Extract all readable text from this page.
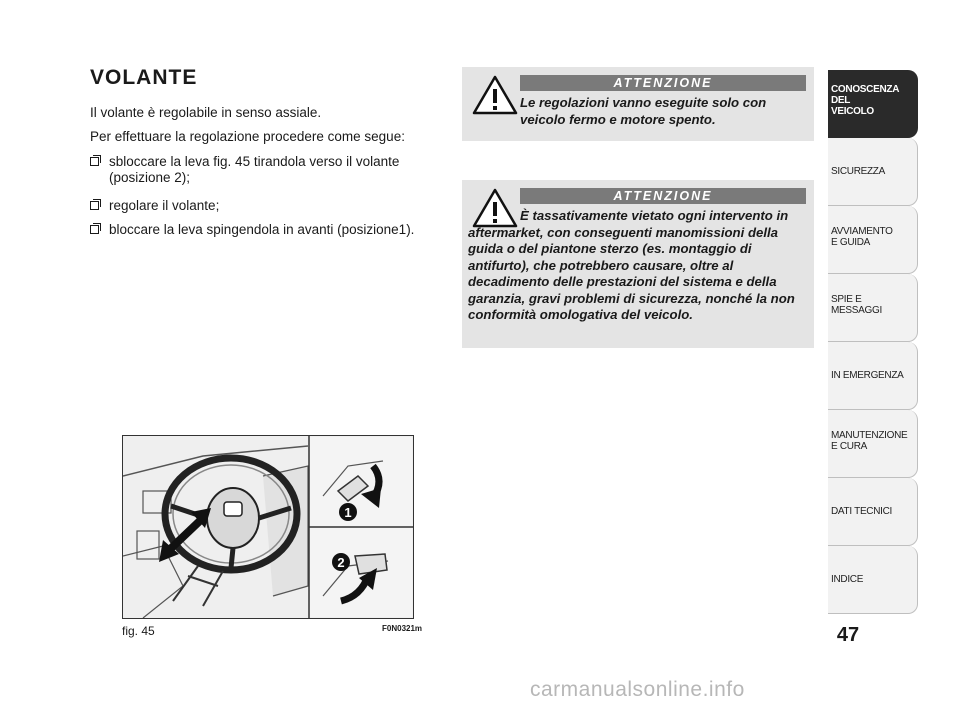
VOLANTE

Il volante è regolabile in senso assiale.

Per effettuare la regolazione procedere come segue:

sbloccare la leva fig. 45 tirandola verso il volante (posizione 2);
regolare il volante;
bloccare la leva spingendola in avanti (posizione1).
ATTENZIONE
Le regolazioni vanno eseguite solo con veicolo fermo e motore spento.
ATTENZIONE
È tassativamente vietato ogni intervento in aftermarket, con conseguenti manomissioni della guida o del piantone sterzo (es. montaggio di antifurto), che potrebbero causare, oltre al decadimento delle prestazioni del sistema e della garanzia, gravi problemi di sicurezza, nonché la non conformità omologativa del veicolo.
1
2
fig. 45	F0N0321m
CONOSCENZA
DEL
VEICOLO
SICUREZZA
AVVIAMENTO
E GUIDA
SPIE E
MESSAGGI
IN EMERGENZA
MANUTENZIONE
E CURA
DATI TECNICI
INDICE
47
carmanualsonline.info
